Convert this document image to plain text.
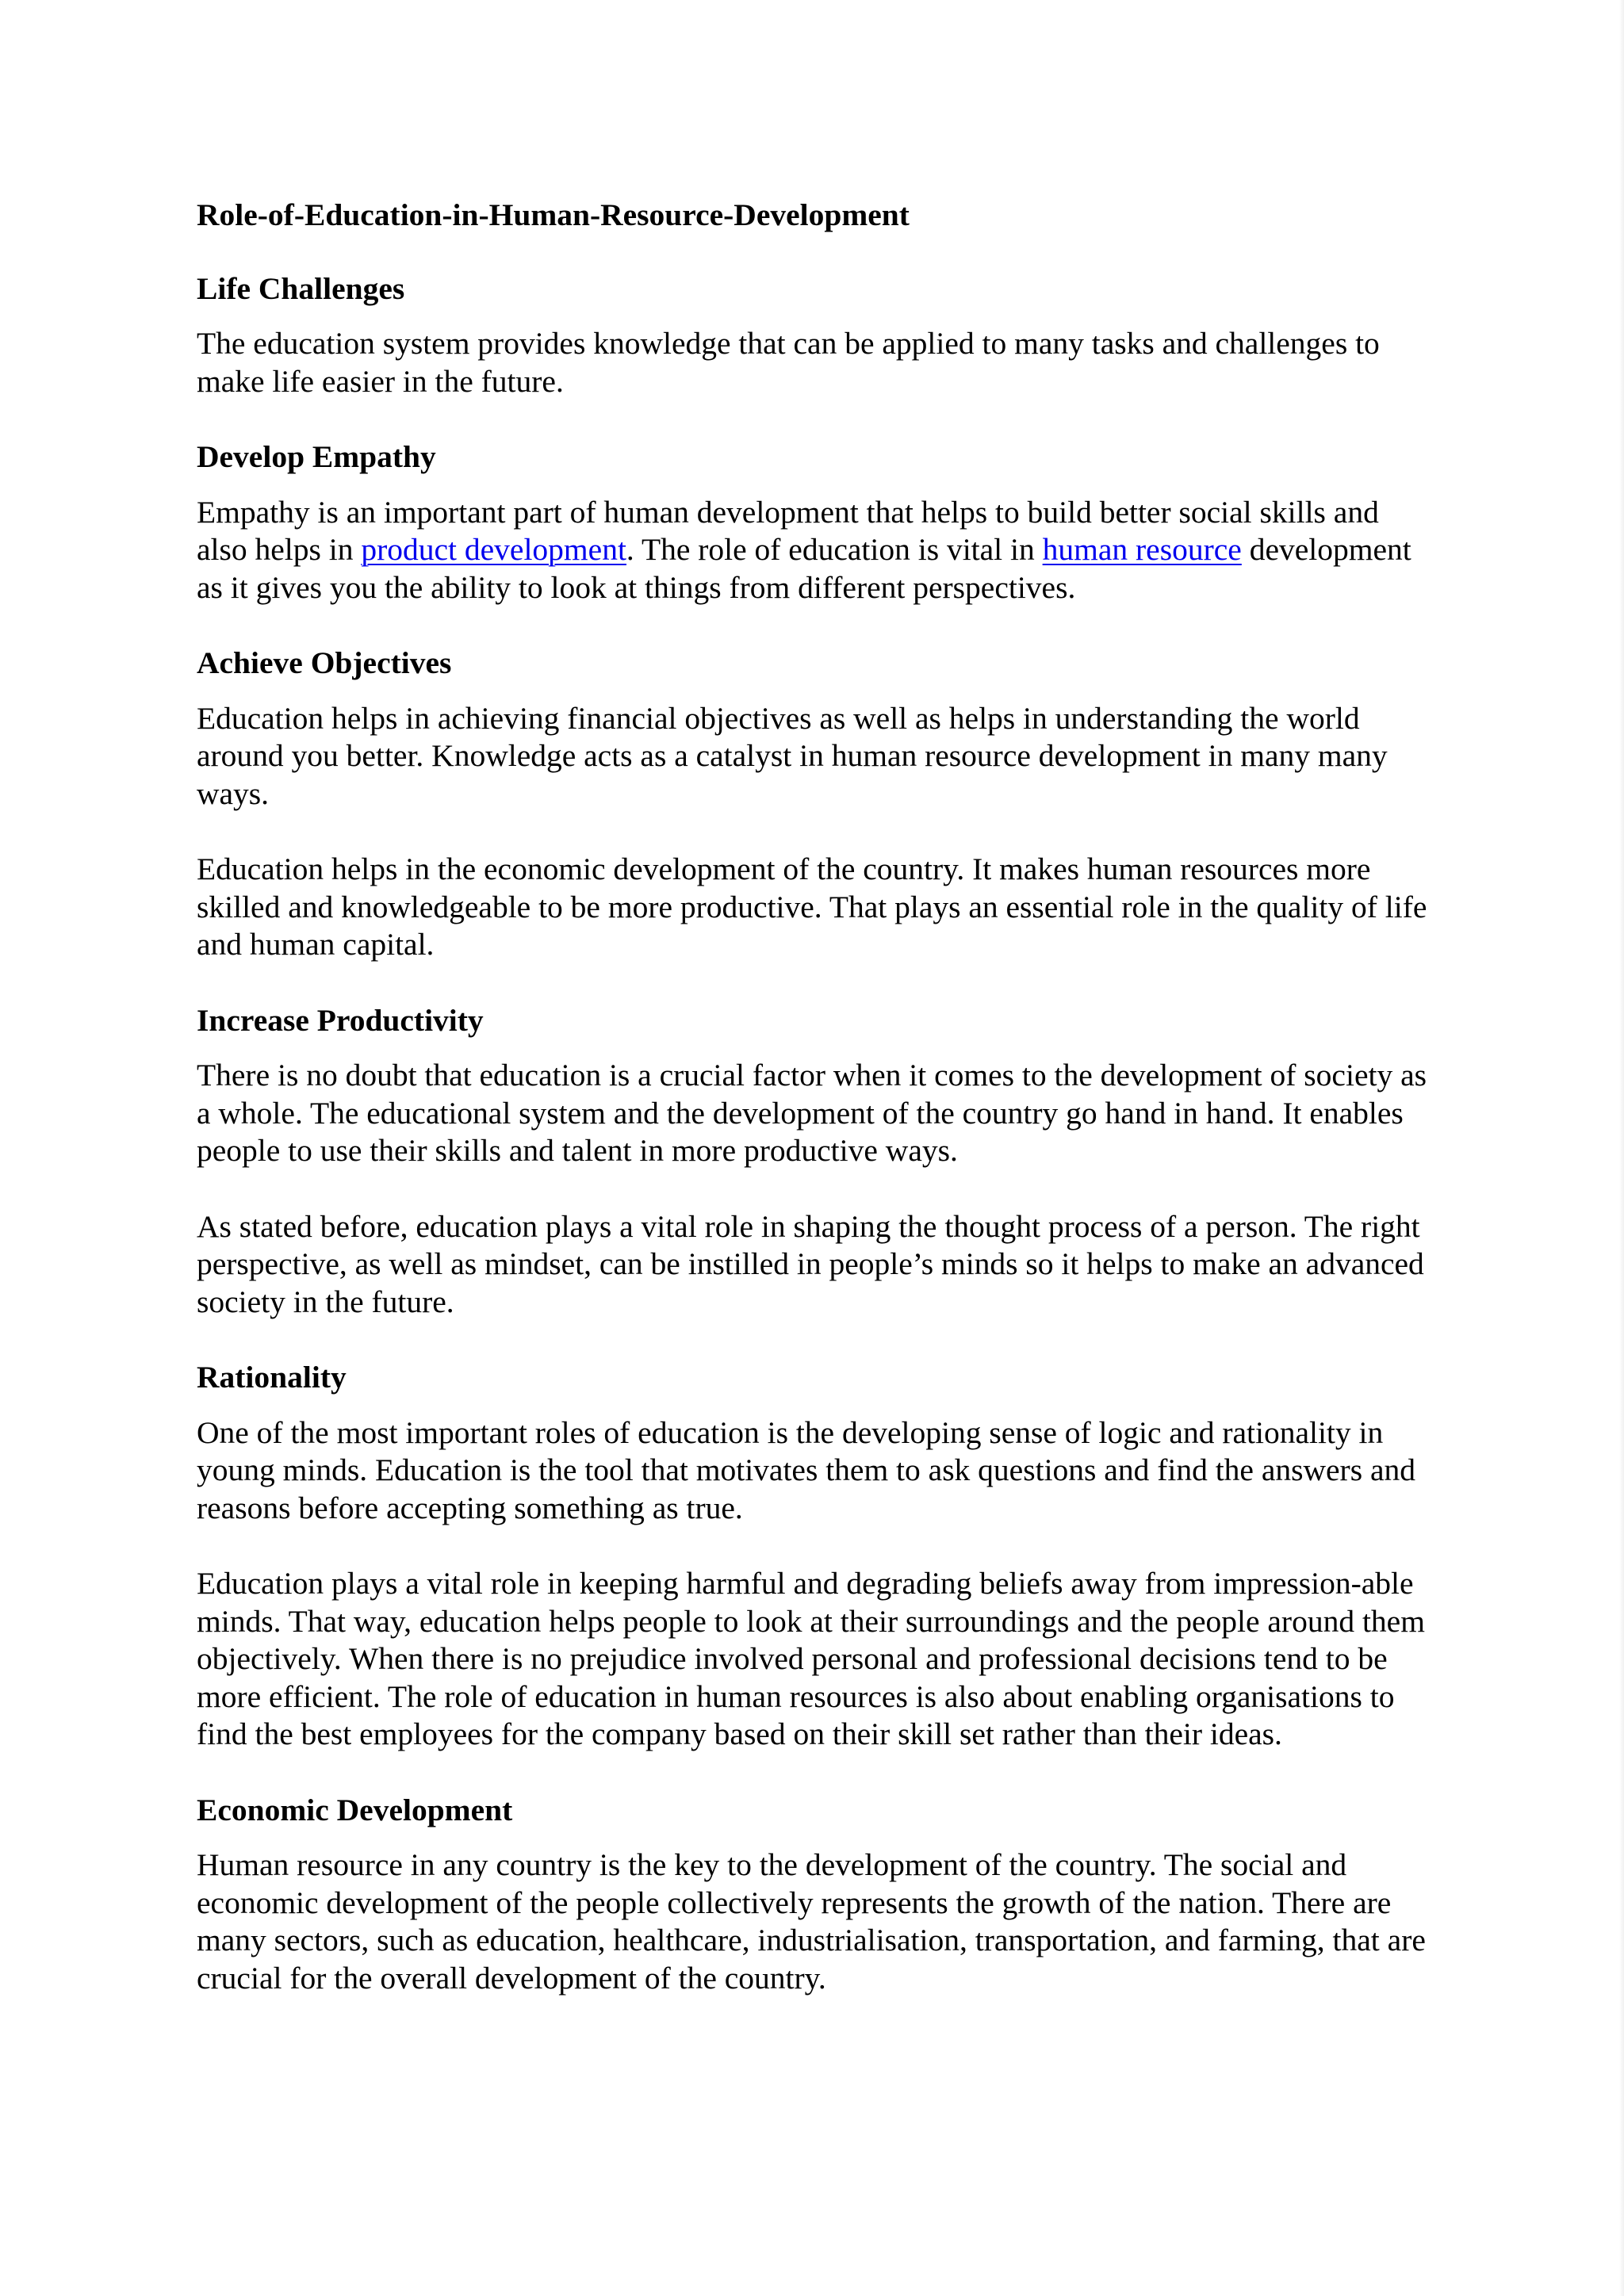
Role-of-Education-in-Human-Resource-Development
Life Challenges
The education system provides knowledge that can be applied to many tasks and challenges to make life easier in the future.
Develop Empathy
Empathy is an important part of human development that helps to build better social skills and also helps in product development. The role of education is vital in human resource development as it gives you the ability to look at things from different perspectives.
Achieve Objectives
Education helps in achieving financial objectives as well as helps in understanding the world around you better. Knowledge acts as a catalyst in human resource development in many many ways.
Education helps in the economic development of the country. It makes human resources more skilled and knowledgeable to be more productive. That plays an essential role in the quality of life and human capital.
Increase Productivity
There is no doubt that education is a crucial factor when it comes to the development of society as a whole. The educational system and the development of the country go hand in hand. It enables people to use their skills and talent in more productive ways.
As stated before, education plays a vital role in shaping the thought process of a person. The right perspective, as well as mindset, can be instilled in people’s minds so it helps to make an advanced society in the future.
Rationality
One of the most important roles of education is the developing sense of logic and rationality in young minds. Education is the tool that motivates them to ask questions and find the answers and reasons before accepting something as true.
Education plays a vital role in keeping harmful and degrading beliefs away from impression-able minds. That way, education helps people to look at their surroundings and the people around them objectively. When there is no prejudice involved personal and professional decisions tend to be more efficient. The role of education in human resources is also about enabling organisations to find the best employees for the company based on their skill set rather than their ideas.
Economic Development
Human resource in any country is the key to the development of the country. The social and economic development of the people collectively represents the growth of the nation. There are many sectors, such as education, healthcare, industrialisation, transportation, and farming, that are crucial for the overall development of the country.
